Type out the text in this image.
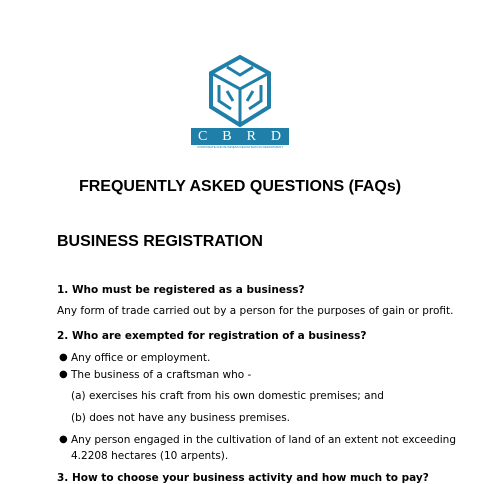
C B R D
CORPORATE AND BUSINESS REGISTRATION DEPARTMENT
FREQUENTLY ASKED QUESTIONS (FAQs)
BUSINESS REGISTRATION

1. Who must be registered as a business?

Any form of trade carried out by a person for the purposes of gain or profit.

2. Who are exempted for registration of a business?

● Any office or employment.

● The business of a craftsman who -

(a) exercises his craft from his own domestic premises; and

(b) does not have any business premises.

● Any person engaged in the cultivation of land of an extent not exceeding

4.2208 hectares (10 arpents).

3. How to choose your business activity and how much to pay?
